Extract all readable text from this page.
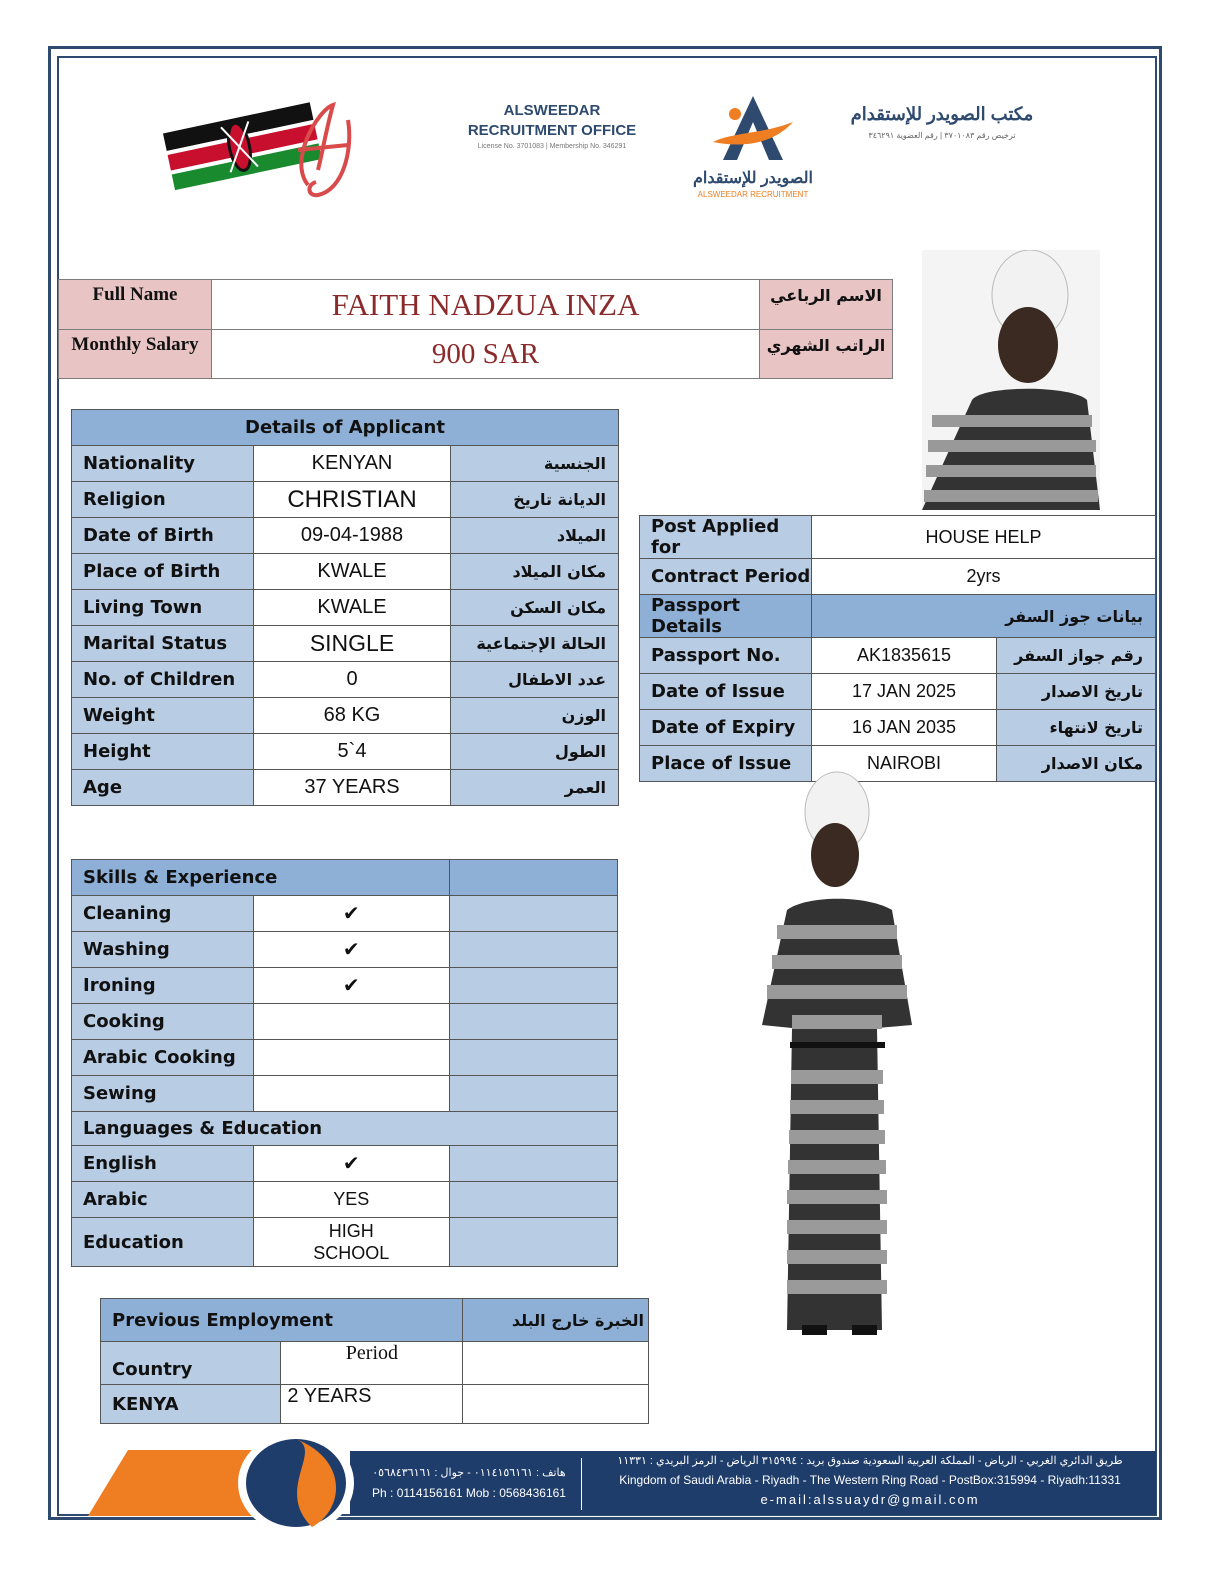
ALSWEEDAR
RECRUITMENT OFFICE
License No. 3701083 | Membership No. 346291
الصويدر للإستقدام
ALSWEEDAR RECRUITMENT
مكتب الصويدر للإستقدام
ترخيص رقم ٣٧٠١٠٨٣ | رقم العضوية ٣٤٦٢٩١
Full Name	FAITH NADZUA INZA	الاسم الرباعي
Monthly Salary	900 SAR	الراتب الشهري
Details of Applicant		
Nationality	KENYAN	الجنسية
Religion	CHRISTIAN	الديانة تاريخ
Date of Birth	09-04-1988	الميلاد
Place of Birth	KWALE	مكان الميلاد
Living Town	KWALE	مكان السكن
Marital Status	SINGLE	الحالة الإجتماعية
No. of Children	0	عدد الاطفال
Weight	68 KG	الوزن
Height	5`4	الطول
Age	37 YEARS	العمر
Post Applied for	HOUSE HELP	
Contract Period	2yrs	
Passport Details	بيانات جوز السفر	
Passport No.	AK1835615	رقم جواز السفر
Date of Issue	17 JAN 2025	تاريخ الاصدار
Date of Expiry	16 JAN 2035	تاريخ لانتهاء
Place of Issue	NAIROBI	مكان الاصدار
Skills & Experience		
Cleaning	✔	
Washing	✔	
Ironing	✔	
Cooking		
Arabic Cooking		
Sewing		
Languages & Education		
English	✔	
Arabic	YES	
Education	HIGH
SCHOOL	

Previous Employment		الخبرة خارج البلد
Country	Period	
KENYA	2 YEARS	
هاتف : ٠١١٤١٥٦١٦١ - جوال : ٠٥٦٨٤٣٦١٦١
Ph : 0114156161 Mob : 0568436161
طريق الدائري الغربي - الرياض - المملكة العربية السعودية صندوق بريد : ٣١٥٩٩٤ الرياض - الرمز البريدي : ١١٣٣١
Kingdom of Saudi Arabia - Riyadh - The Western Ring Road - PostBox:315994 - Riyadh:11331
e-mail:alssuaydr@gmail.com
